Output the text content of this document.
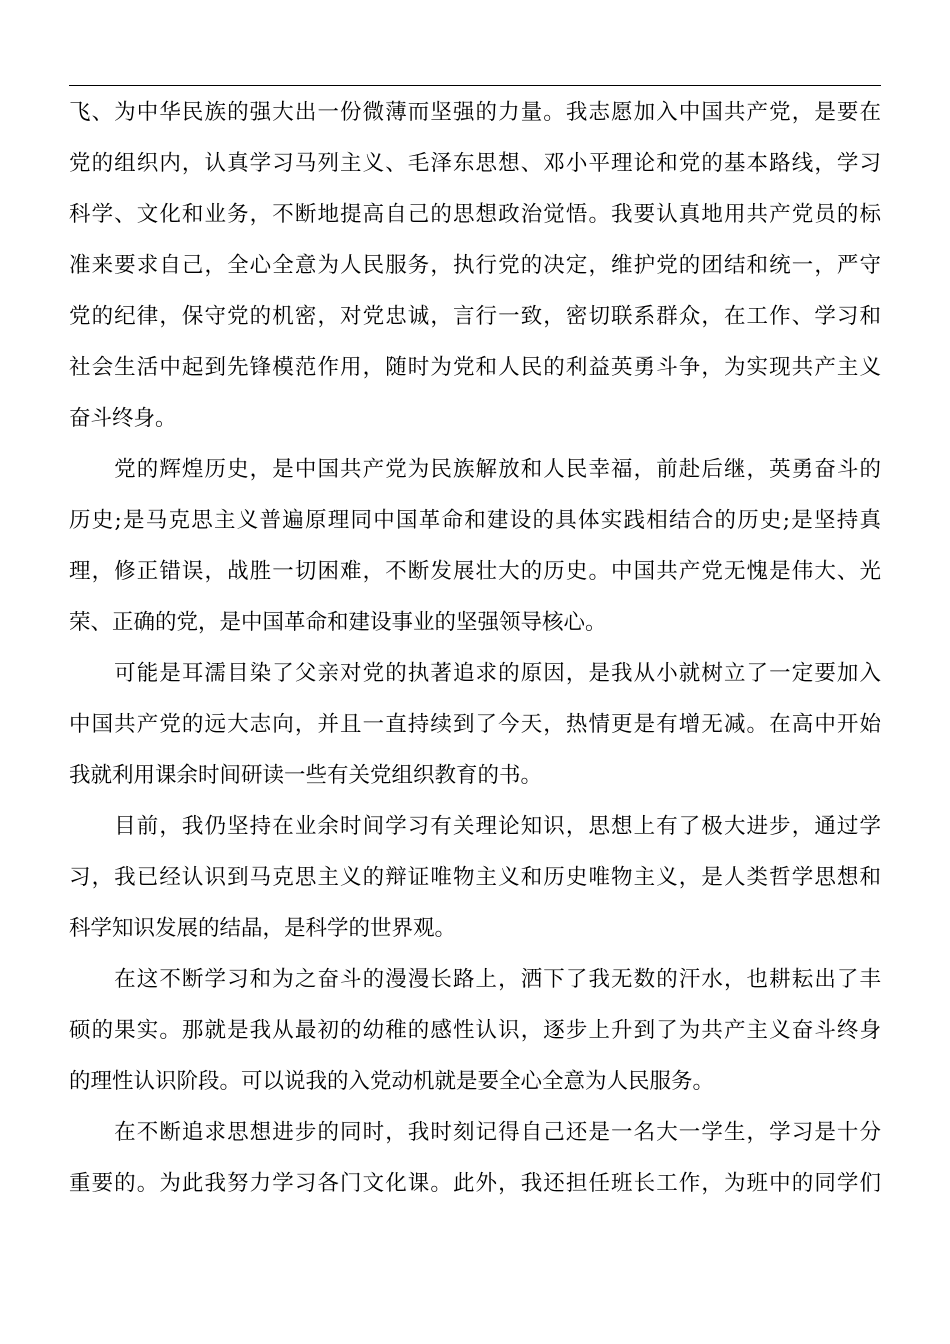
飞、为中华民族的强大出一份微薄而坚强的力量。我志愿加入中国共产党，是要在
党的组织内，认真学习马列主义、毛泽东思想、邓小平理论和党的基本路线，学习
科学、文化和业务，不断地提高自己的思想政治觉悟。我要认真地用共产党员的标
准来要求自己，全心全意为人民服务，执行党的决定，维护党的团结和统一，严守
党的纪律，保守党的机密，对党忠诚，言行一致，密切联系群众，在工作、学习和
社会生活中起到先锋模范作用，随时为党和人民的利益英勇斗争，为实现共产主义
奋斗终身。
　　党的辉煌历史，是中国共产党为民族解放和人民幸福，前赴后继，英勇奋斗的
历史;是马克思主义普遍原理同中国革命和建设的具体实践相结合的历史;是坚持真
理，修正错误，战胜一切困难，不断发展壮大的历史。中国共产党无愧是伟大、光
荣、正确的党，是中国革命和建设事业的坚强领导核心。
　　可能是耳濡目染了父亲对党的执著追求的原因，是我从小就树立了一定要加入
中国共产党的远大志向，并且一直持续到了今天，热情更是有增无减。在高中开始
我就利用课余时间研读一些有关党组织教育的书。
　　目前，我仍坚持在业余时间学习有关理论知识，思想上有了极大进步，通过学
习，我已经认识到马克思主义的辩证唯物主义和历史唯物主义，是人类哲学思想和
科学知识发展的结晶，是科学的世界观。
　　在这不断学习和为之奋斗的漫漫长路上，洒下了我无数的汗水，也耕耘出了丰
硕的果实。那就是我从最初的幼稚的感性认识，逐步上升到了为共产主义奋斗终身
的理性认识阶段。可以说我的入党动机就是要全心全意为人民服务。
　　在不断追求思想进步的同时，我时刻记得自己还是一名大一学生，学习是十分
重要的。为此我努力学习各门文化课。此外，我还担任班长工作，为班中的同学们
